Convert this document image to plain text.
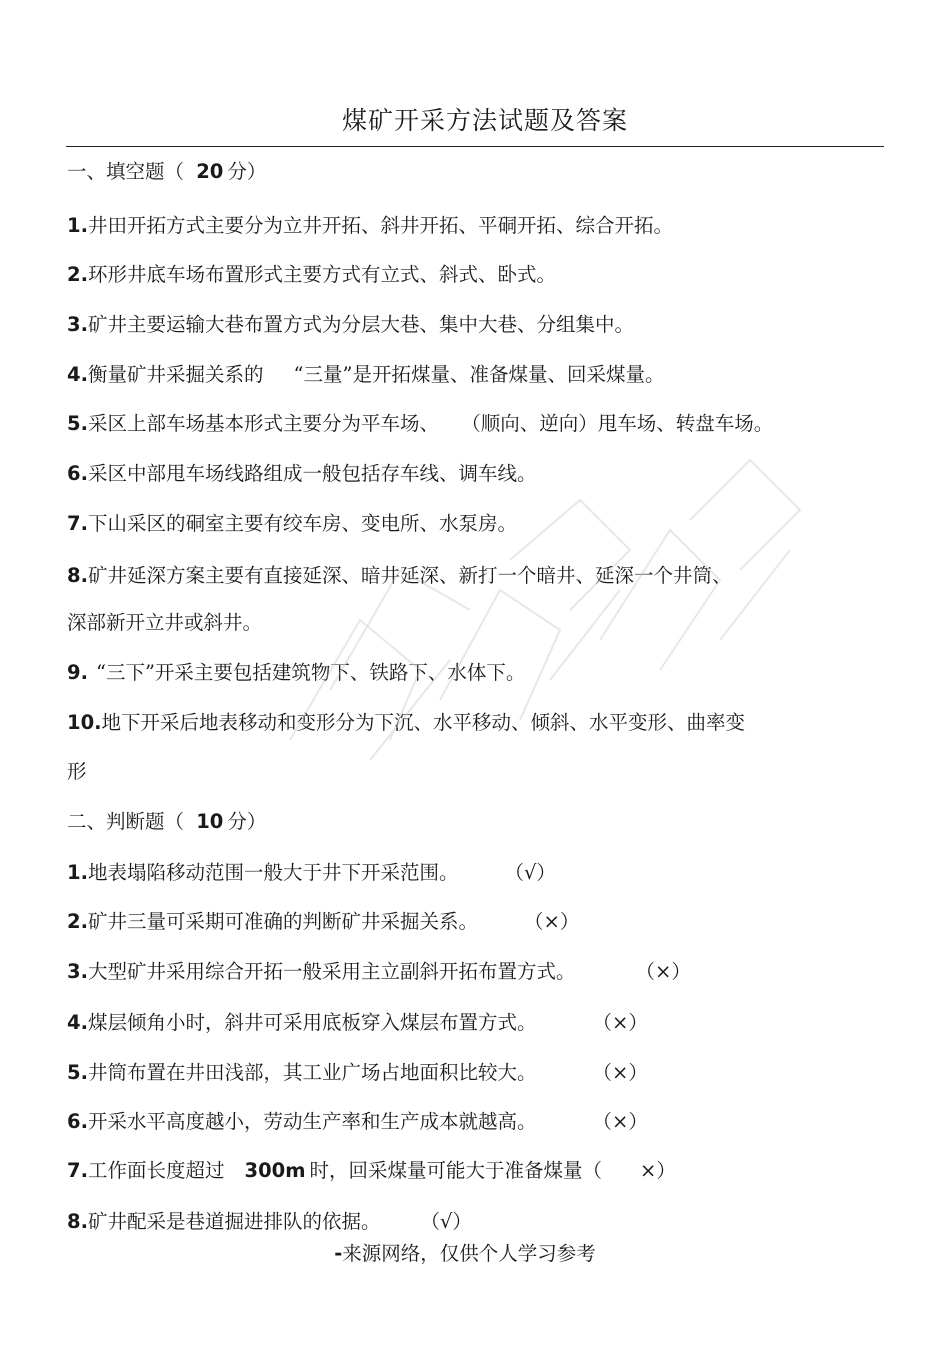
煤矿开采方法试题及答案
一、填空题（ 20 分）
1.井田开拓方式主要分为立井开拓、斜井开拓、平硐开拓、综合开拓。
2.环形井底车场布置形式主要方式有立式、斜式、卧式。
3.矿井主要运输大巷布置方式为分层大巷、集中大巷、分组集中。
4.衡量矿井采掘关系的 “三量”是开拓煤量、准备煤量、回采煤量。
5.采区上部车场基本形式主要分为平车场、 （顺向、逆向）甩车场、转盘车场。
6.采区中部甩车场线路组成一般包括存车线、调车线。
7.下山采区的硐室主要有绞车房、变电所、水泵房。
8.矿井延深方案主要有直接延深、暗井延深、新打一个暗井、延深一个井筒、
深部新开立井或斜井。
9. “三下”开采主要包括建筑物下、铁路下、水体下。
10.地下开采后地表移动和变形分为下沉、水平移动、倾斜、水平变形、曲率变
形
二、判断题（ 10 分）
1.地表塌陷移动范围一般大于井下开采范围。 （√）
2.矿井三量可采期可准确的判断矿井采掘关系。 （×）
3.大型矿井采用综合开拓一般采用主立副斜开拓布置方式。	（×）
4.煤层倾角小时，斜井可采用底板穿入煤层布置方式。	（×）
5.井筒布置在井田浅部，其工业广场占地面积比较大。	（×）
6.开采水平高度越小，劳动生产率和生产成本就越高。	（×）
7.工作面长度超过 300m 时，回采煤量可能大于准备煤量（ ×）
8.矿井配采是巷道掘进排队的依据。 （√）
-来源网络，仅供个人学习参考
